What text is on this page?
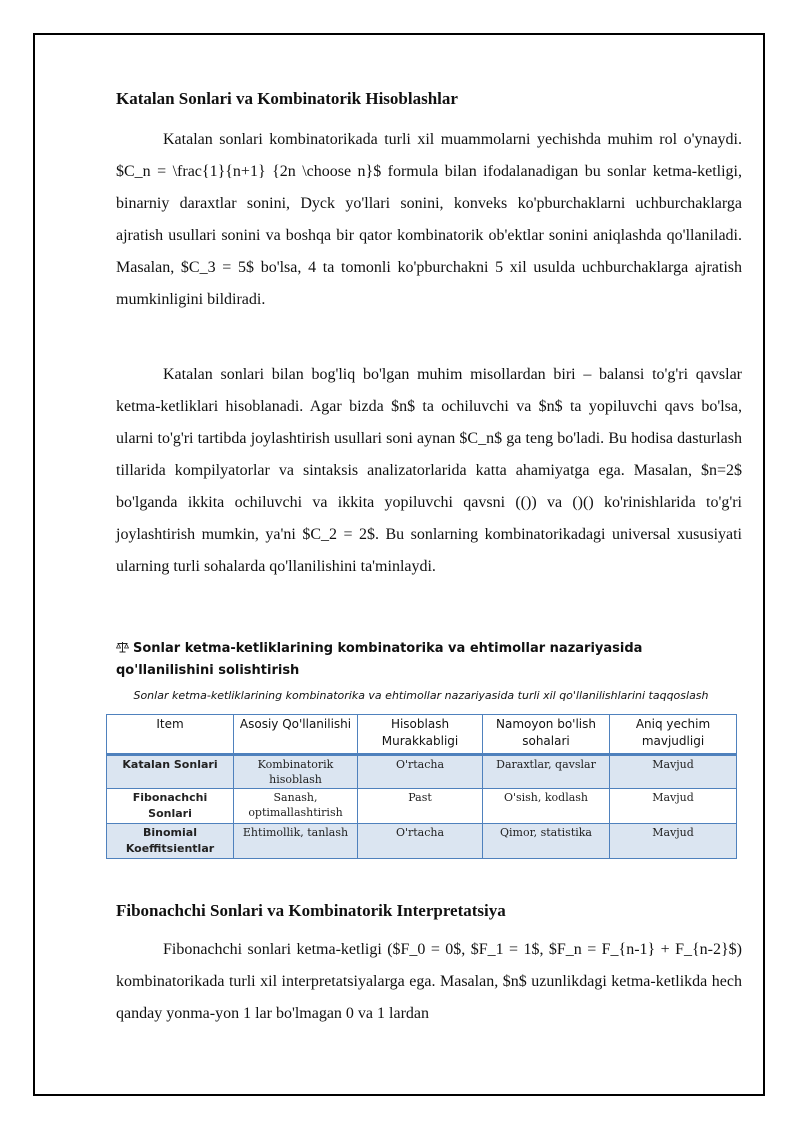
Katalan Sonlari va Kombinatorik Hisoblashlar
Katalan sonlari kombinatorikada turli xil muammolarni yechishda muhim rol o'ynaydi. $C_n = \frac{1}{n+1} {2n \choose n}$ formula bilan ifodalanadigan bu sonlar ketma-ketligi, binarniy daraxtlar sonini, Dyck yo'llari sonini, konveks ko'pburchaklarni uchburchaklarga ajratish usullari sonini va boshqa bir qator kombinatorik ob'ektlar sonini aniqlashda qo'llaniladi. Masalan, $C_3 = 5$ bo'lsa, 4 ta tomonli ko'pburchakni 5 xil usulda uchburchaklarga ajratish mumkinligini bildiradi.
Katalan sonlari bilan bog'liq bo'lgan muhim misollardan biri – balansi to'g'ri qavslar ketma-ketliklari hisoblanadi. Agar bizda $n$ ta ochiluvchi va $n$ ta yopiluvchi qavs bo'lsa, ularni to'g'ri tartibda joylashtirish usullari soni aynan $C_n$ ga teng bo'ladi. Bu hodisa dasturlash tillarida kompilyatorlar va sintaksis analizatorlarida katta ahamiyatga ega. Masalan, $n=2$ bo'lganda ikkita ochiluvchi va ikkita yopiluvchi qavsni (()) va ()() ko'rinishlarida to'g'ri joylashtirish mumkin, ya'ni $C_2 = 2$. Bu sonlarning kombinatorikadagi universal xususiyati ularning turli sohalarda qo'llanilishini ta'minlaydi.
Sonlar ketma-ketliklarining kombinatorika va ehtimollar nazariyasida qo'llanilishini solishtirish
Sonlar ketma-ketliklarining kombinatorika va ehtimollar nazariyasida turli xil qo'llanilishlarini taqqoslash
Item	Asosiy Qo'llanilishi	Hisoblash Murakkabligi	Namoyon bo'lish sohalari	Aniq yechim mavjudligi
Katalan Sonlari	Kombinatorik hisoblash	O'rtacha	Daraxtlar, qavslar	Mavjud
Fibonachchi Sonlari	Sanash, optimallashtirish	Past	O'sish, kodlash	Mavjud
Binomial Koeffitsientlar	Ehtimollik, tanlash	O'rtacha	Qimor, statistika	Mavjud
Fibonachchi Sonlari va Kombinatorik Interpretatsiya
Fibonachchi sonlari ketma-ketligi ($F_0 = 0$, $F_1 = 1$, $F_n = F_{n-1} + F_{n-2}$) kombinatorikada turli xil interpretatsiyalarga ega. Masalan, $n$ uzunlikdagi ketma-ketlikda hech qanday yonma-yon 1 lar bo'lmagan 0 va 1 lardan
